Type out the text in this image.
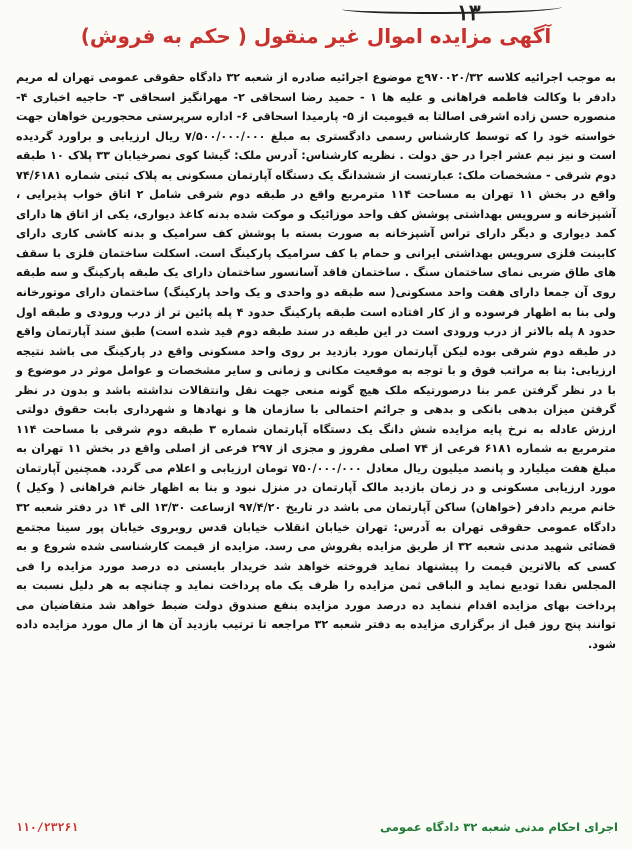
۱۳
آگهی مزایده اموال غیر منقول ( حکم به فروش)

به موجب اجرائیه کلاسه ۹۷۰۰۲۰/۳۲ج موضوع اجرائیه صادره از شعبه ۳۲ دادگاه حقوقی عمومی تهران له مریم دادفر با وکالت فاطمه فراهانی و علیه ها ۱ - حمید رضا اسحاقی ۲- مهرانگیز اسحاقی ۳- حاجیه اخباری ۴- منصوره حسن زاده اشرفی اصالتا به قیومیت از ۵- پارمیدا اسحاقی ۶- اداره سرپرستی محجورین خواهان جهت خواسته خود را که توسط کارشناس رسمی دادگستری به مبلغ ۷/۵۰۰/۰۰۰/۰۰۰ ریال ارزیابی و براورد گردیده است و نیز نیم عشر اجرا در حق دولت . نظریه کارشناس: آدرس ملک: گیشا کوی نصرخیابان ۳۳ پلاک ۱۰ طبقه دوم شرقی - مشخصات ملک: عبارتست از ششدانگ یک دستگاه آپارتمان مسکونی به پلاک ثبتی شماره ۷۴/۶۱۸۱ واقع در بخش ۱۱ تهران به مساحت ۱۱۴ مترمربع واقع در طبقه دوم شرقی شامل ۲ اتاق خواب پذیرایی ، آشپزخانه و سرویس بهداشتی پوشش کف واحد موزائیک و موکت شده بدنه کاغذ دیواری، یکی از اتاق ها دارای کمد دیواری و دیگر دارای تراس آشپزخانه به صورت بسته با پوشش کف سرامیک و بدنه کاشی کاری دارای کابینت فلزی سرویس بهداشتی ایرانی و حمام با کف سرامیک پارکینگ است. اسکلت ساختمان فلزی با سقف های طاق ضربی نمای ساختمان سنگ . ساختمان فاقد آسانسور ساختمان دارای یک طبقه پارکینگ و سه طبقه روی آن جمعا دارای هفت واحد مسکونی( سه طبقه دو واحدی و یک واحد پارکینگ) ساختمان دارای موتورخانه ولی بنا به اظهار فرسوده و از کار افتاده است طبقه پارکینگ حدود ۴ پله پائین تر از درب ورودی و طبقه اول حدود ۸ پله بالاتر از درب ورودی است در این طبقه در سند طبقه دوم قید شده است) طبق سند آپارتمان واقع در طبقه دوم شرقی بوده لیکن آپارتمان مورد بازدید بر روی واحد مسکونی واقع در پارکینگ می باشد نتیجه ارزیابی: بنا به مراتب فوق و با توجه به موقعیت مکانی و زمانی و سایر مشخصات و عوامل موثر در موضوع و با در نظر گرفتن عمر بنا درصورتیکه ملک هیچ گونه منعی جهت نقل وانتقالات نداشته باشد و بدون در نظر گرفتن میزان بدهی بانکی و بدهی و جرائم احتمالی با سازمان ها و نهادها و شهرداری بابت حقوق دولتی ارزش عادله به نرخ پایه مزایده شش دانگ یک دستگاه آپارتمان شماره ۳ طبقه دوم شرقی با مساحت ۱۱۴ مترمربع به شماره ۶۱۸۱ فرعی از ۷۴ اصلی مفروز و مجزی از ۲۹۷ فرعی از اصلی واقع در بخش ۱۱ تهران به مبلغ هفت میلیارد و پانصد میلیون ریال معادل ۷۵۰/۰۰۰/۰۰۰ تومان ارزیابی و اعلام می گردد. همچنین آپارتمان مورد ارزیابی مسکونی و در زمان بازدید مالک آپارتمان در منزل نبود و بنا به اظهار خانم فراهانی ( وکیل ) خانم مریم دادفر (خواهان) ساکن آپارتمان می باشد در تاریخ ۹۷/۴/۲۰ ازساعت ۱۳/۳۰ الی ۱۴ در دفتر شعبه ۳۲ دادگاه عمومی حقوقی تهران به آدرس: تهران خیابان انقلاب خیابان قدس روبروی خیابان پور سینا مجتمع قضائی شهید مدنی شعبه ۳۲ از طریق مزایده بفروش می رسد. مزایده از قیمت کارشناسی شده شروع و به کسی که بالاترین قیمت را پیشنهاد نماید فروخته خواهد شد خریدار بایستی ده درصد مورد مزایده را فی المجلس نقدا تودیع نماید و الباقی ثمن مزایده را ظرف یک ماه پرداخت نماید و چنانچه به هر دلیل نسبت به پرداخت بهای مزایده اقدام ننماید ده درصد مورد مزایده بنفع صندوق دولت ضبط خواهد شد متقاضیان می توانند پنج روز قبل از برگزاری مزایده به دفتر شعبه ۳۲ مراجعه تا ترتیب بازدید آن ها از مال مورد مزایده داده شود.

اجرای احکام مدنی شعبه ۳۲ دادگاه عمومی
۱۱۰/۲۳۲۶۱
